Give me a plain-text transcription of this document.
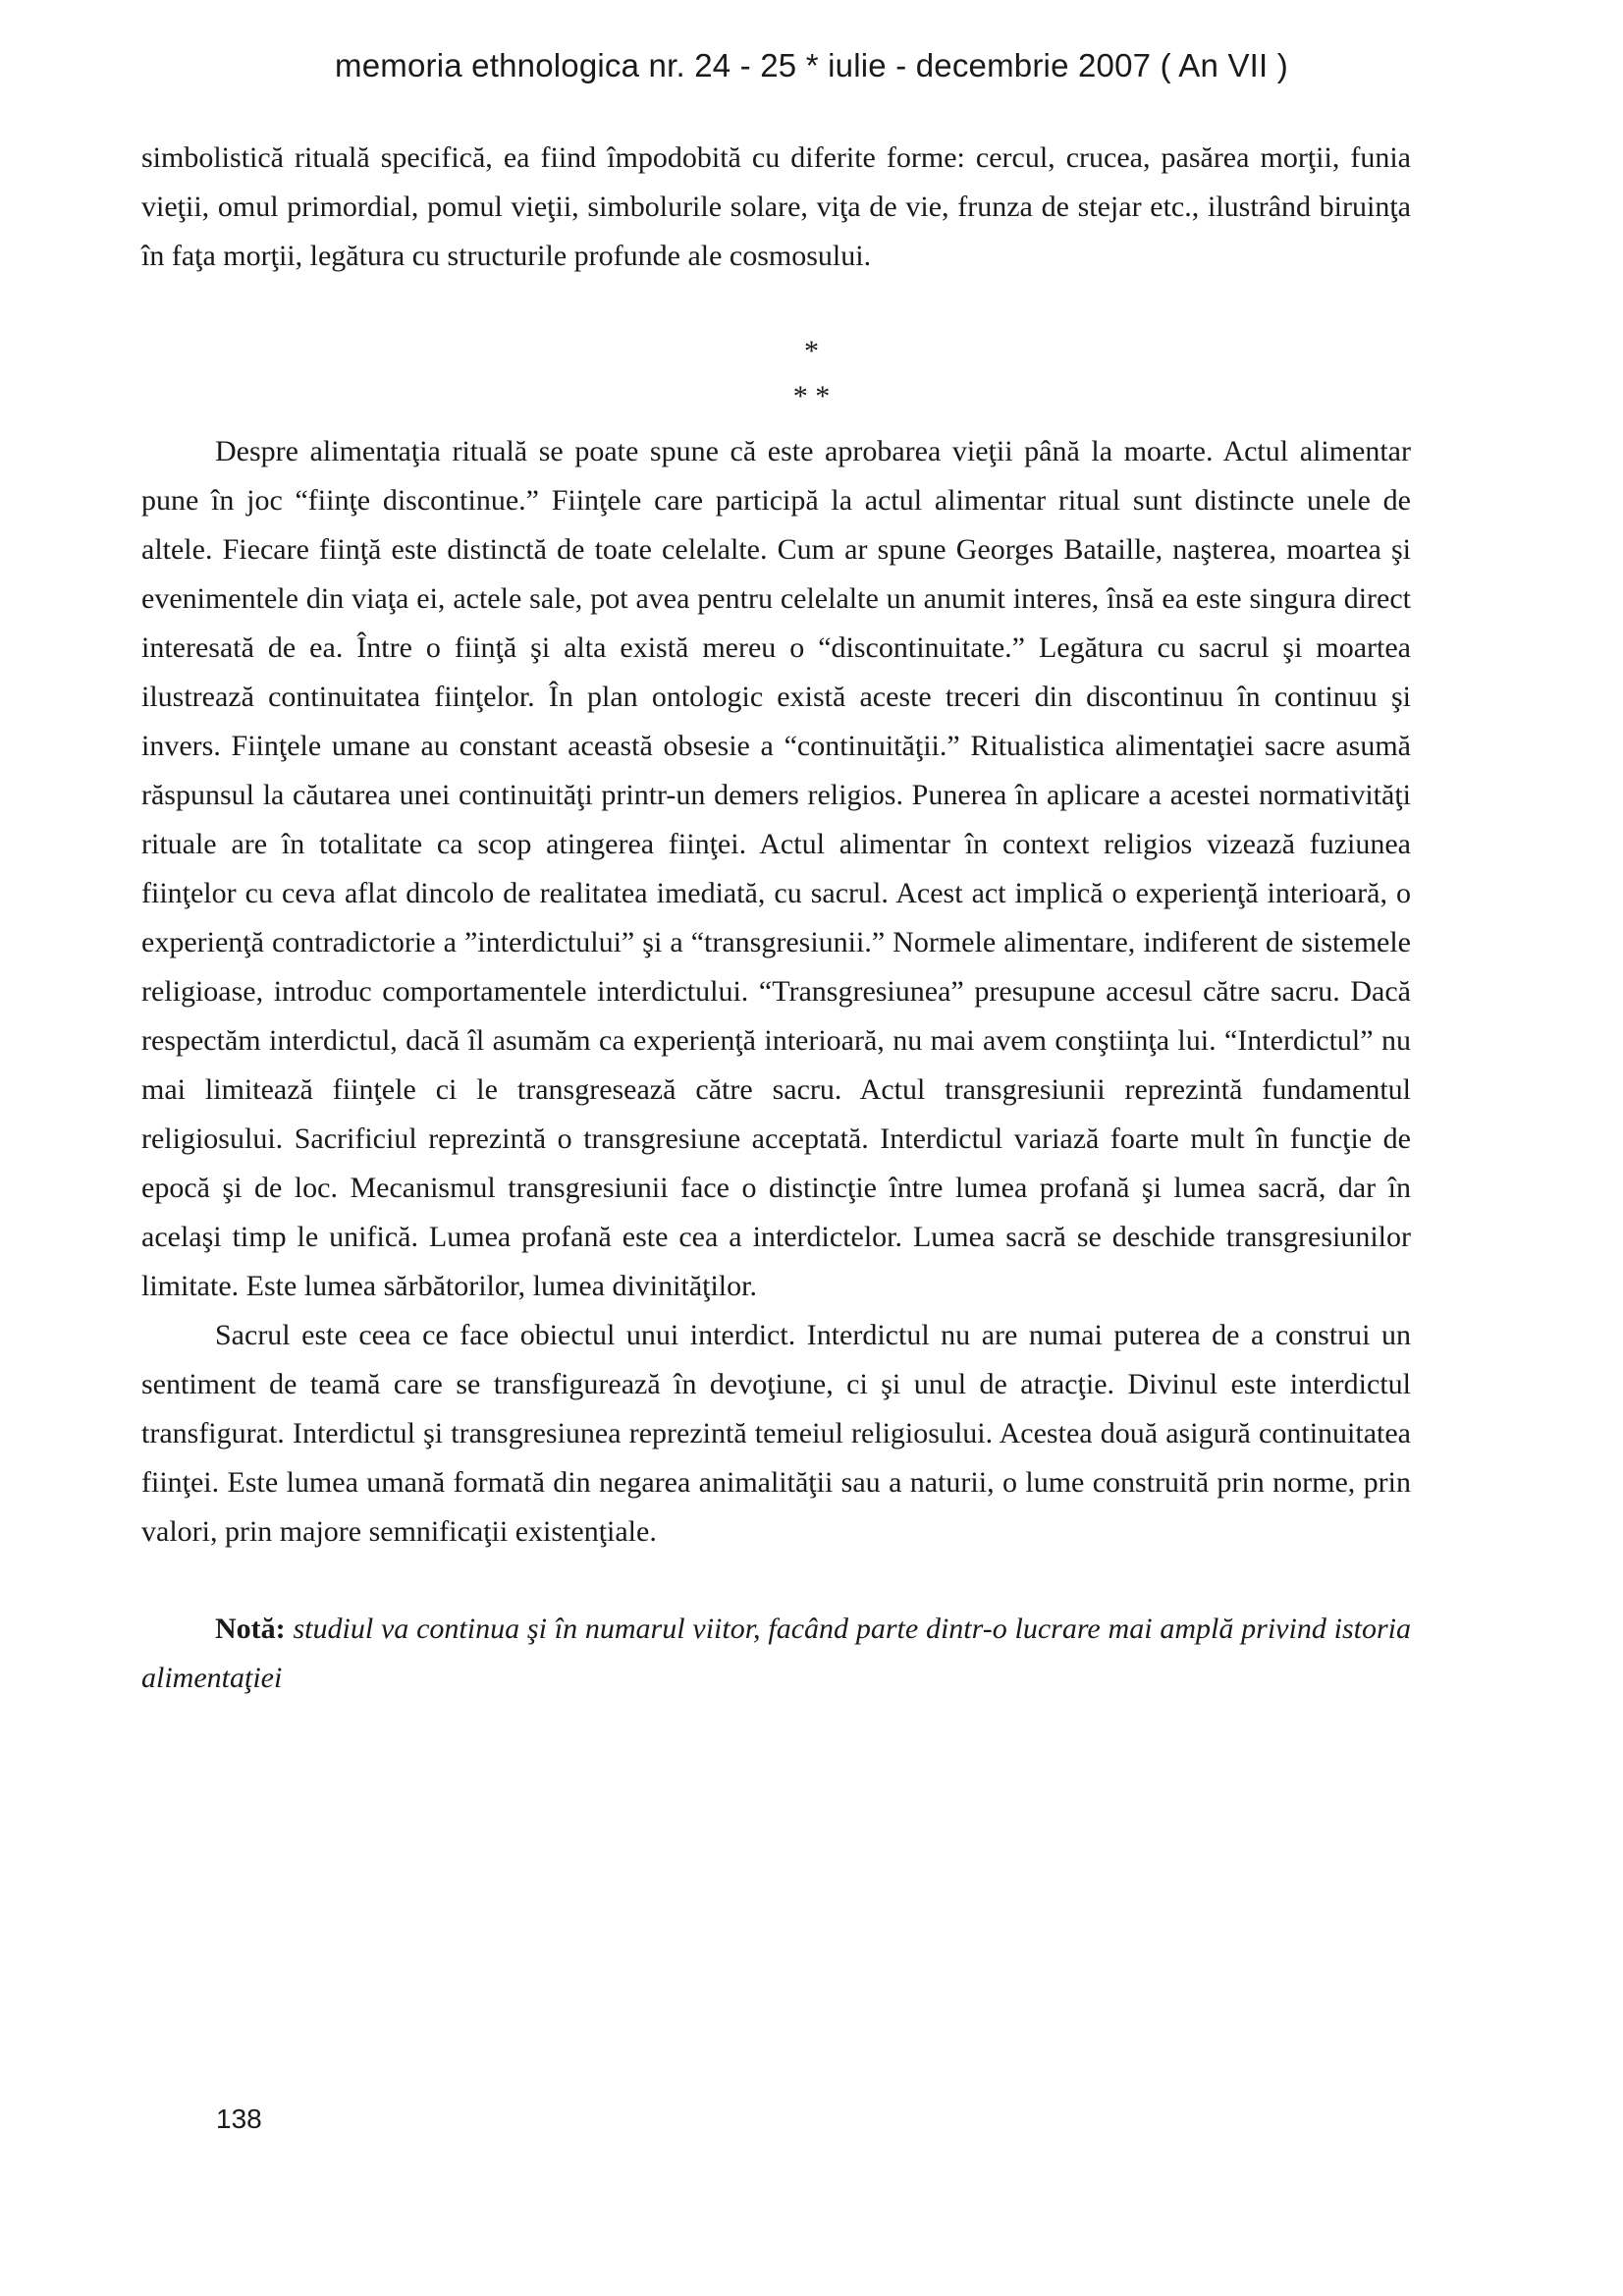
memoria ethnologica nr. 24 - 25 * iulie - decembrie 2007 ( An VII )

simbolistică rituală specifică, ea fiind împodobită cu diferite forme: cercul, crucea, pasărea morţii, funia vieţii, omul primordial, pomul vieţii, simbolurile solare, viţa de vie, frunza de stejar etc., ilustrând biruinţa în faţa morţii, legătura cu structurile profunde ale cosmosului.

*
* *

Despre alimentaţia rituală se poate spune că este aprobarea vieţii până la moarte. Actul alimentar pune în joc “fiinţe discontinue.” Fiinţele care participă la actul alimentar ritual sunt distincte unele de altele. Fiecare fiinţă este distinctă de toate celelalte. Cum ar spune Georges Bataille, naşterea, moartea şi evenimentele din viaţa ei, actele sale, pot avea pentru celelalte un anumit interes, însă ea este singura direct interesată de ea. Între o fiinţă şi alta există mereu o “discontinuitate.” Legătura cu sacrul şi moartea ilustrează continuitatea fiinţelor. În plan ontologic există aceste treceri din discontinuu în continuu şi invers. Fiinţele umane au constant această obsesie a “continuităţii.” Ritualistica alimentaţiei sacre asumă răspunsul la căutarea unei continuităţi printr-un demers religios. Punerea în aplicare a acestei normativităţi rituale are în totalitate ca scop atingerea fiinţei. Actul alimentar în context religios vizează fuziunea fiinţelor cu ceva aflat dincolo de realitatea imediată, cu sacrul. Acest act implică o experienţă interioară, o experienţă contradictorie a ”interdictului” şi a “transgresiunii.” Normele alimentare, indiferent de sistemele religioase, introduc comportamentele interdictului. “Transgresiunea” presupune accesul către sacru. Dacă respectăm interdictul, dacă îl asumăm ca experienţă interioară, nu mai avem conştiinţa lui. “Interdictul” nu mai limitează fiinţele ci le transgresează către sacru. Actul transgresiunii reprezintă fundamentul religiosului. Sacrificiul reprezintă o transgresiune acceptată. Interdictul variază foarte mult în funcţie de epocă şi de loc. Mecanismul transgresiunii face o distincţie între lumea profană şi lumea sacră, dar în acelaşi timp le unifică. Lumea profană este cea a interdictelor. Lumea sacră se deschide transgresiunilor limitate. Este lumea sărbătorilor, lumea divinităţilor.

Sacrul este ceea ce face obiectul unui interdict. Interdictul nu are numai puterea de a construi un sentiment de teamă care se transfigurează în devoţiune, ci şi unul de atracţie. Divinul este interdictul transfigurat. Interdictul şi transgresiunea reprezintă temeiul religiosului. Acestea două asigură continuitatea fiinţei. Este lumea umană formată din negarea animalităţii sau a naturii, o lume construită prin norme, prin valori, prin majore semnificaţii existenţiale.

Notă: studiul va continua şi în numarul viitor, facând parte dintr-o lucrare mai amplă privind istoria alimentaţiei
138
